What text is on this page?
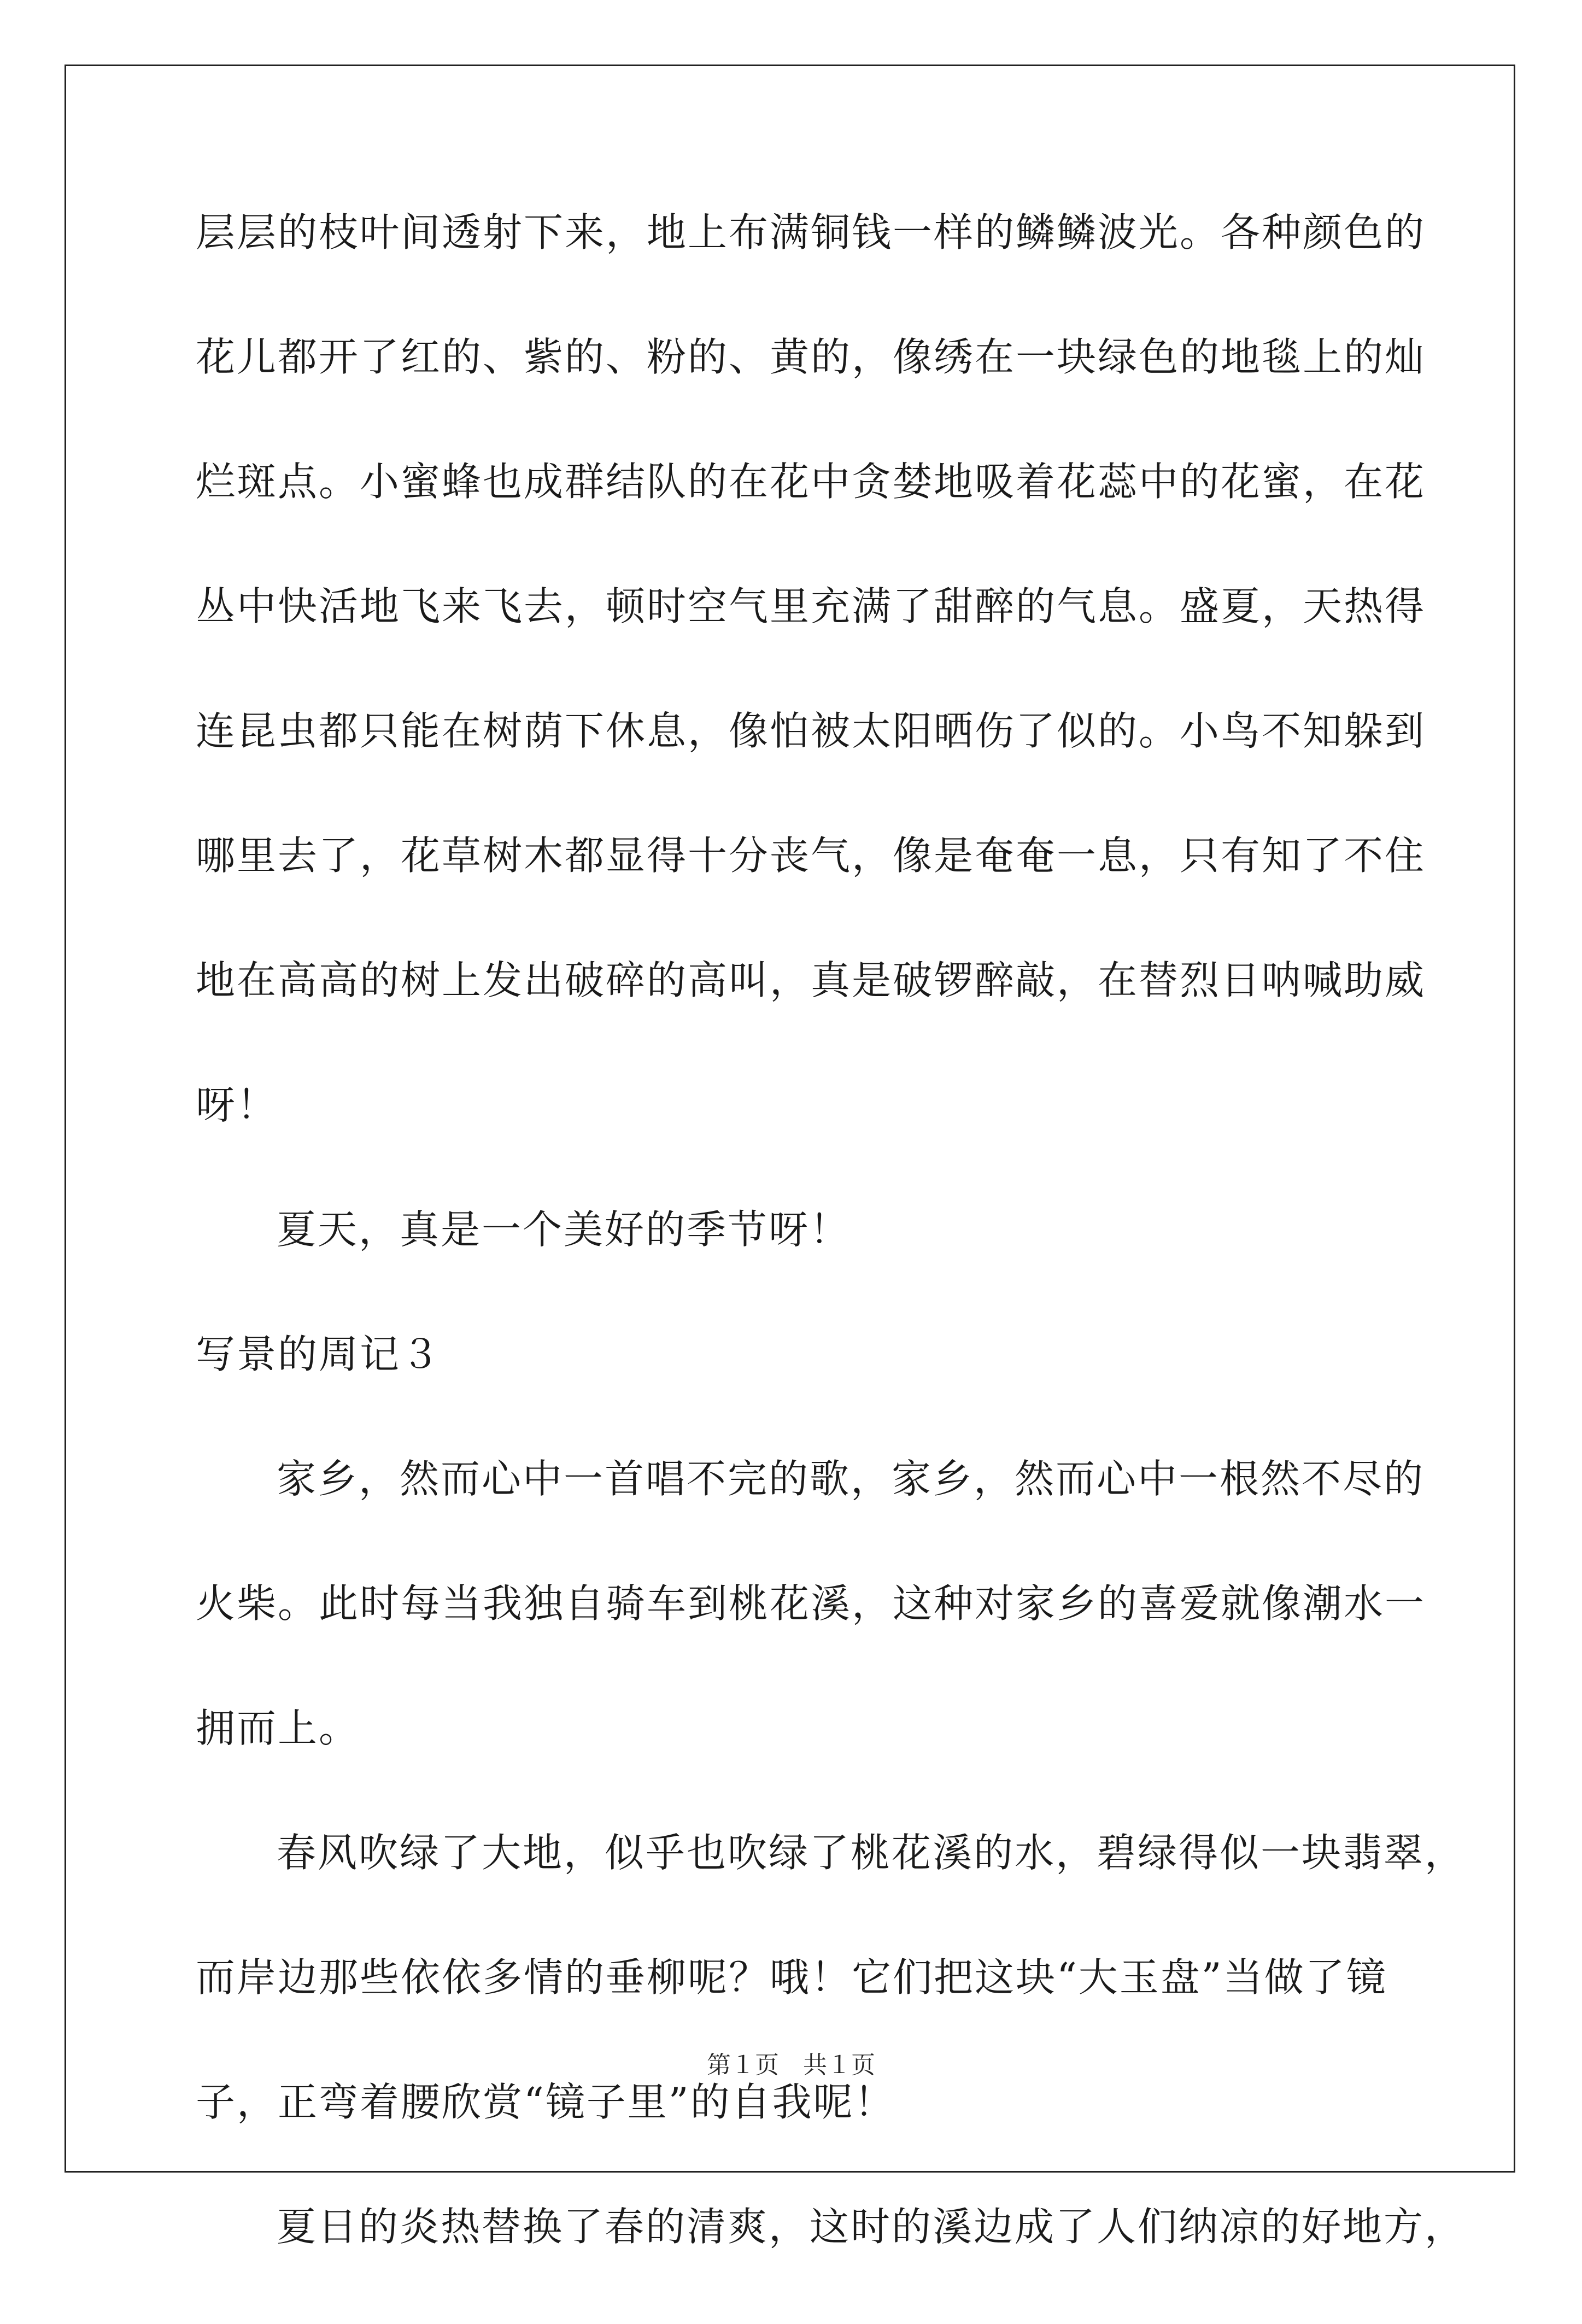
层层的枝叶间透射下来，地上布满铜钱一样的鳞鳞波光。各种颜色的
花儿都开了红的、紫的、粉的、黄的，像绣在一块绿色的地毯上的灿
烂斑点。小蜜蜂也成群结队的在花中贪婪地吸着花蕊中的花蜜，在花
丛中快活地飞来飞去，顿时空气里充满了甜醉的气息。盛夏，天热得
连昆虫都只能在树荫下休息，像怕被太阳晒伤了似的。小鸟不知躲到
哪里去了，花草树木都显得十分丧气，像是奄奄一息，只有知了不住
地在高高的树上发出破碎的高叫，真是破锣醉敲，在替烈日呐喊助威
呀！
夏天，真是一个美好的季节呀！
写景的周记３
家乡，然而心中一首唱不完的歌，家乡，然而心中一根然不尽的
火柴。此时每当我独自骑车到桃花溪，这种对家乡的喜爱就像潮水一
拥而上。
春风吹绿了大地，似乎也吹绿了桃花溪的水，碧绿得似一块翡翠，
而岸边那些依依多情的垂柳呢？哦！它们把这块“大玉盘”当做了镜
子，正弯着腰欣赏“镜子里”的自我呢！
夏日的炎热替换了春的清爽，这时的溪边成了人们纳凉的好地方，
第１页 共１页
